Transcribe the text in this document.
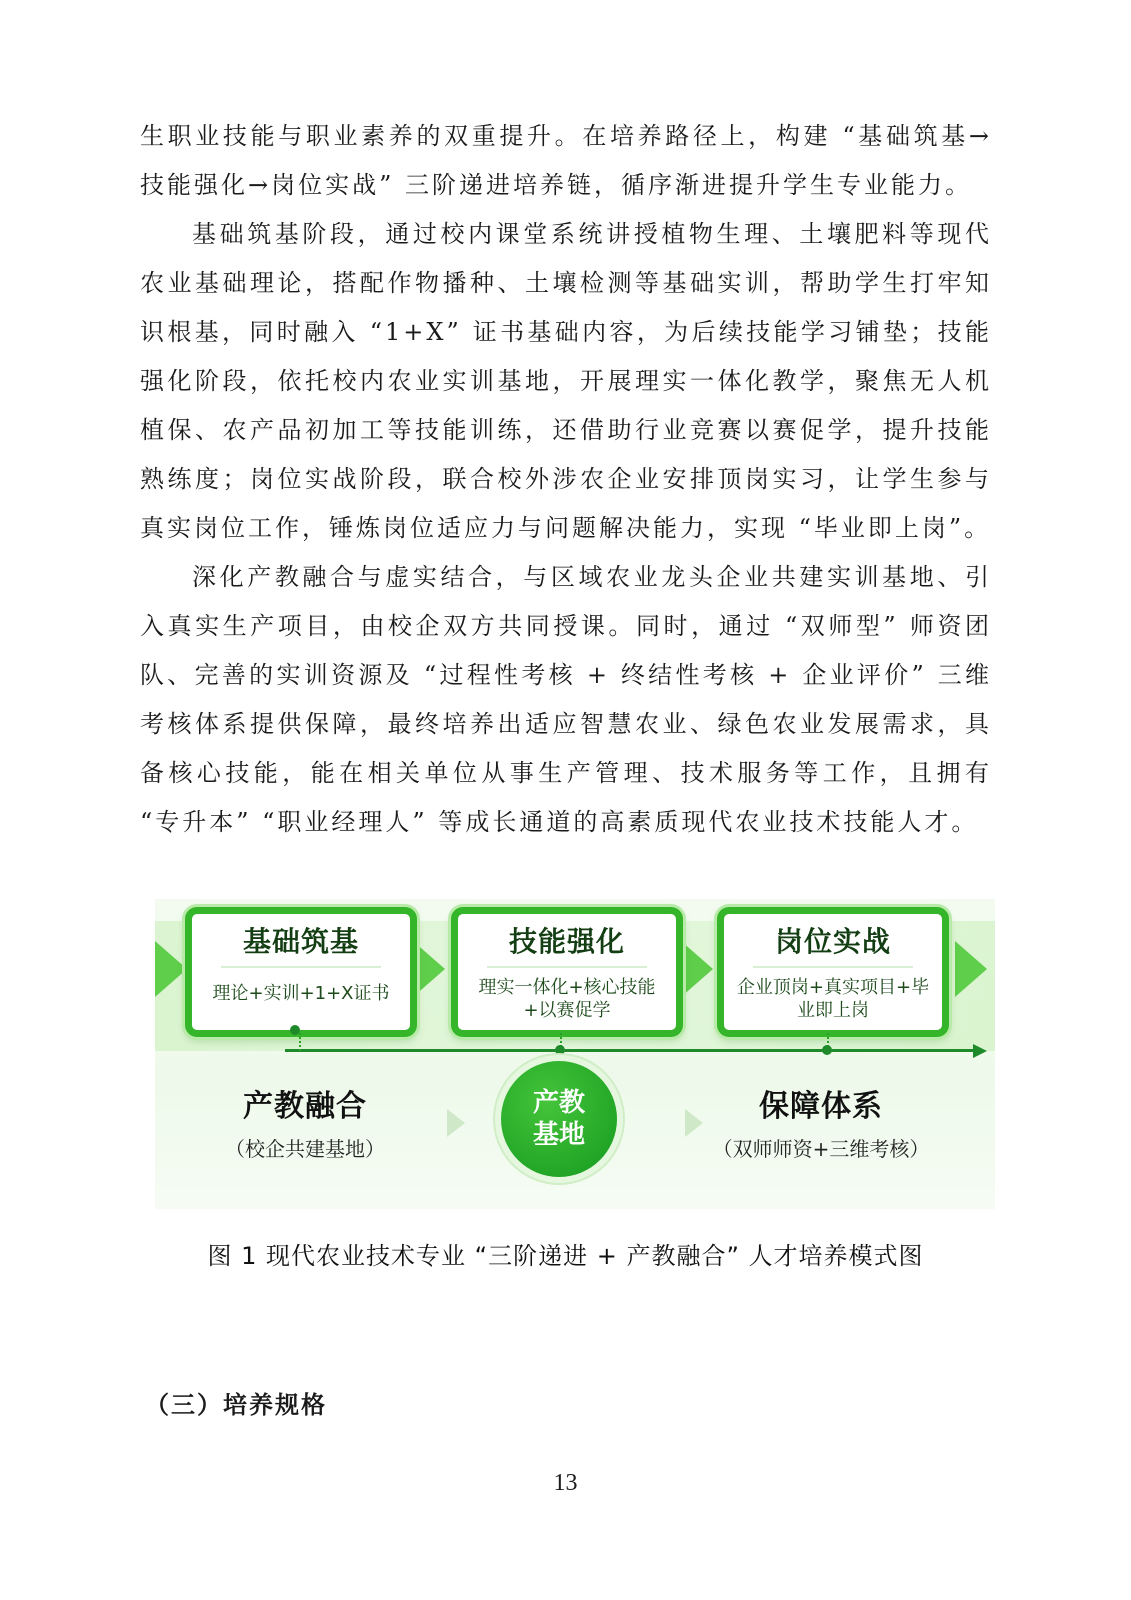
生职业技能与职业素养的双重提升。在培养路径上，构建 “基础筑基→技能强化→岗位实战” 三阶递进培养链，循序渐进提升学生专业能力。

基础筑基阶段，通过校内课堂系统讲授植物生理、土壤肥料等现代农业基础理论，搭配作物播种、土壤检测等基础实训，帮助学生打牢知识根基，同时融入 “1+X” 证书基础内容，为后续技能学习铺垫；技能强化阶段，依托校内农业实训基地，开展理实一体化教学，聚焦无人机植保、农产品初加工等技能训练，还借助行业竞赛以赛促学，提升技能熟练度；岗位实战阶段，联合校外涉农企业安排顶岗实习，让学生参与真实岗位工作，锤炼岗位适应力与问题解决能力，实现 “毕业即上岗”。

深化产教融合与虚实结合，与区域农业龙头企业共建实训基地、引入真实生产项目，由校企双方共同授课。同时，通过 “双师型” 师资团队、完善的实训资源及 “过程性考核 + 终结性考核 + 企业评价” 三维考核体系提供保障，最终培养出适应智慧农业、绿色农业发展需求，具备核心技能，能在相关单位从事生产管理、技术服务等工作，且拥有 “专升本” “职业经理人” 等成长通道的高素质现代农业技术技能人才。

基础筑基
理论+实训+1+X证书
技能强化
理实一体化+核心技能+以赛促学
岗位实战
企业顶岗+真实项目+毕业即上岗
产教融合
（校企共建基地）
产教
基地
保障体系
（双师师资+三维考核）
图 1 现代农业技术专业 “三阶递进 + 产教融合” 人才培养模式图
（三）培养规格
13
